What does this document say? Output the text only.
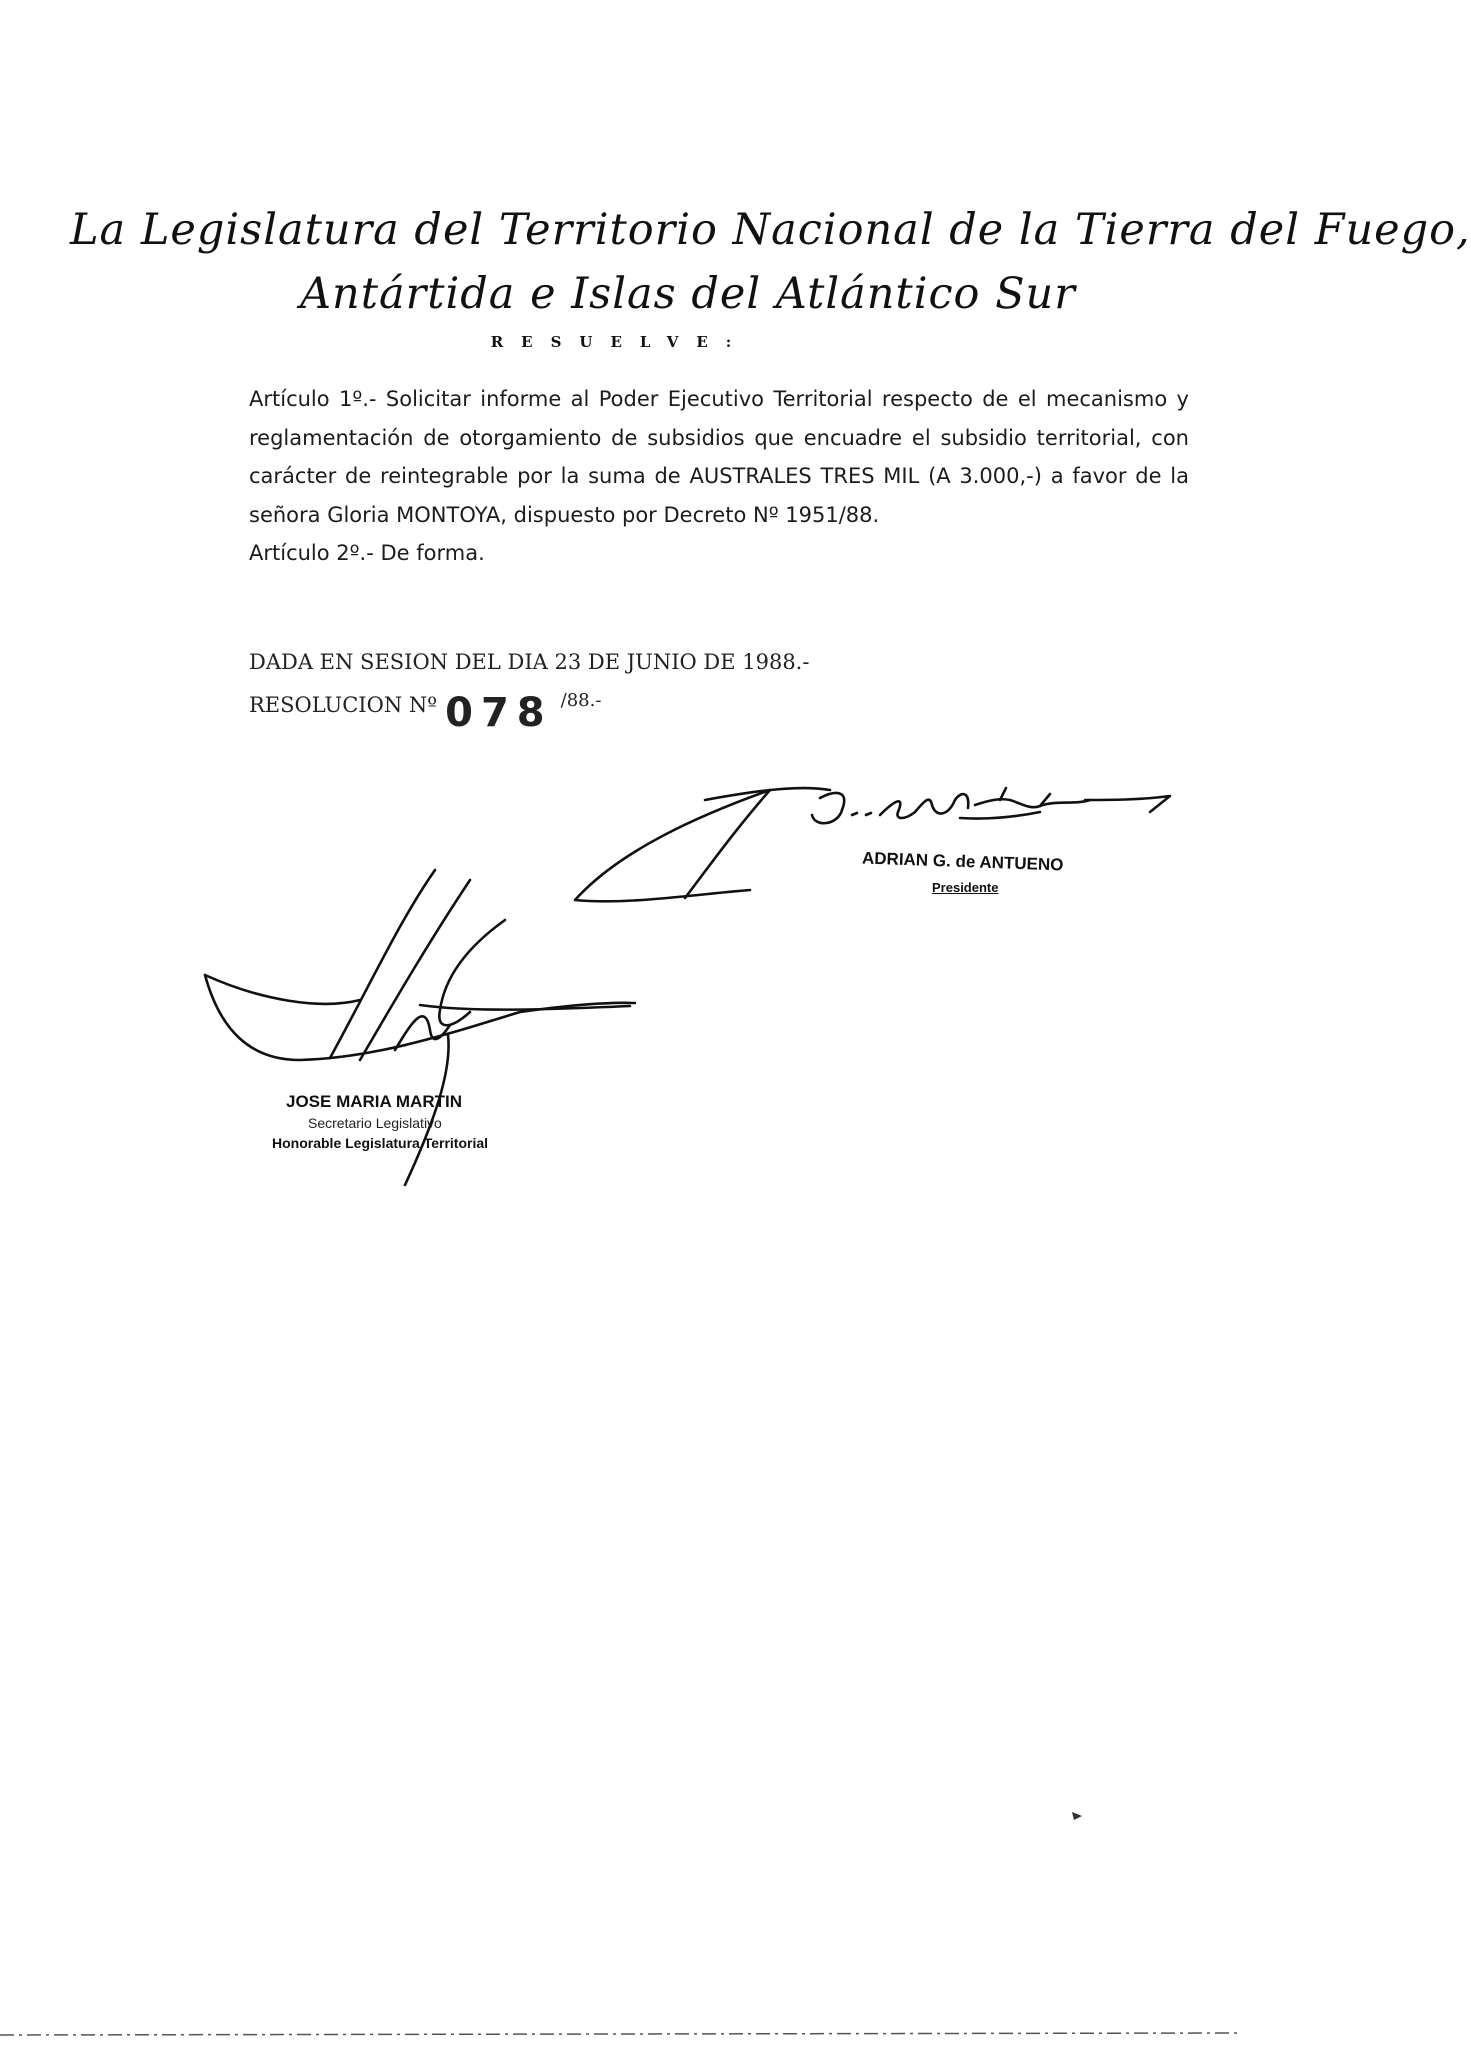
La Legislatura del Territorio Nacional de la Tierra del Fuego,
Antártida e Islas del Atlántico Sur
RESUELVE:

Artículo 1º.- Solicitar informe al Poder Ejecutivo Territorial respecto de el mecanismo y reglamentación de otorgamiento de subsidios que encuadre el subsidio territorial, con carácter de reintegrable por la suma de AUSTRALES TRES MIL (A 3.000,-) a favor de la señora Gloria MONTOYA, dispuesto por Decreto Nº 1951/88.

Artículo 2º.- De forma.

DADA EN SESION DEL DIA 23 DE JUNIO DE 1988.-
RESOLUCION Nº 078 /88.-
ADRIAN G. de ANTUENO
Presidente
JOSE MARIA MARTIN
Secretario Legislativo
Honorable Legislatura Territorial
